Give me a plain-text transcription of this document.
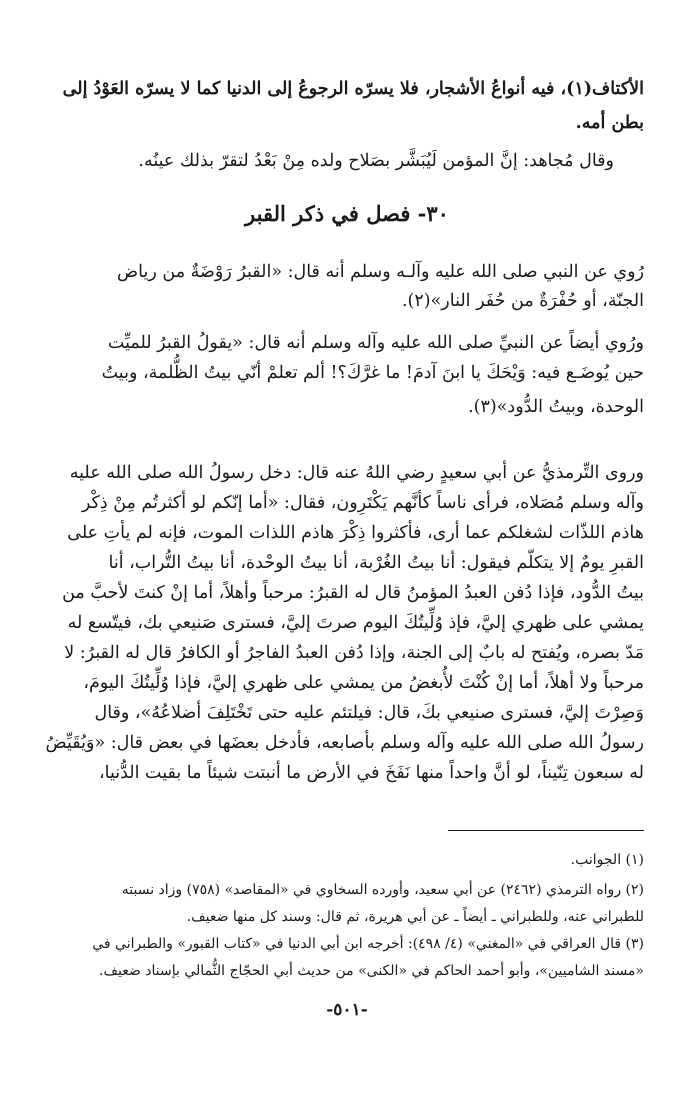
الأكتاف(١)، فيه أنواعُ الأشجار، فلا يسرّه الرجوعُ إلى الدنيا كما لا يسرّه العَوْدُ إلى
بطن أمه.
وقال مُجاهد: إنَّ المؤمن لَيُبَشَّر بصَلاح ولده مِنْ بَعْدُ لتقرّ بذلك عينُه.
٣٠- فصل في ذكر القبر
رُوي عن النبي صلى الله عليه وآلـه وسلم أنه قال: «القبرُ رَوْضَةٌ من رياض
الجنّة، أو حُفْرَةٌ من حُفَر النار»(٢).
ورُوي أيضاً عن النبيِّ صلى الله عليه وآله وسلم أنه قال: «يقولُ القبرُ للميِّت
حين يُوضَـع فيه: وَيْحَكَ يا ابنَ آدمَ! ما غرَّكَ؟! ألم تعلمْ أنّي بيتُ الظُّلمة، وبيتُ
الوحدة، وبيتُ الدُّود»(٣).
وروى التِّرمذيُّ عن أبي سعيدٍ رضي اللهُ عنه قال: دخل رسولُ الله صلى الله عليه
وآله وسلم مُصَلاه، فرأى ناساً كأنَّهم يَكْتَرِون، فقال: «أما إنّكم لو أكثرتُم مِنْ ذِكْر
هاذم اللذّات لشغلكم عما أرى، فأكثروا ذِكْرَ هاذم اللذات الموت، فإنه لم يأتِ على
القبرِ يومٌ إلا يتكلّم فيقول: أنا بيتُ الغُرْبة، أنا بيتُ الوحْدة، أنا بيتُ التُّراب، أنا
بيتُ الدُّود، فإذا دُفن العبدُ المؤمنُ قال له القبرُ: مرحباً وأهلاً، أما إنْ كنتَ لأحبَّ من
يمشي على ظهري إليَّ، فإذ وُلِّيتُكَ اليوم صرتَ إليَّ، فسترى صَنيعي بك، فيتّسع له
مَدّ بصره، ويُفتح له بابٌ إلى الجنة، وإذا دُفن العبدُ الفاجرُ أو الكافرُ قال له القبرُ: لا
مرحباً ولا أهلاً، أما إنْ كُنْتَ لأُبغضُ من يمشي على ظهري إليَّ، فإذا وُلِّيتُكَ اليومَ،
وَصِرْتَ إليَّ، فسترى صنيعي بكَ، قال: فيلتئم عليه حتى تَخْتَلِفَ أضلاعُهُ»، وقال
رسولُ الله صلى الله عليه وآله وسلم بأصابعه، فأدخل بعضَها في بعض قال: «وَيُقَيِّضُ
له سبعون تِنّيناً، لو أنَّ واحداً منها نَفَخَ في الأرض ما أنبتت شيئاً ما بقيت الدُّنيا،
(١) الجوانب.
(٢) رواه الترمذي (٢٤٦٢) عن أبي سعيد، وأورده السخاوي في «المقاصد» (٧٥٨) وزاد نسبته
للطبراني عنه، وللطبراني ـ أيضاً ـ عن أبي هريرة، ثم قال: وسند كل منها ضعيف.
(٣) قال العراقي في «المغني» (٤/ ٤٩٨): أخرجه ابن أبي الدنيا في «كتاب القبور» والطبراني في
«مسند الشاميين»، وأبو أحمد الحاكم في «الكنى» من حديث أبي الحجّاج الثُّمالي بإسناد ضعيف.
-٥٠١-
